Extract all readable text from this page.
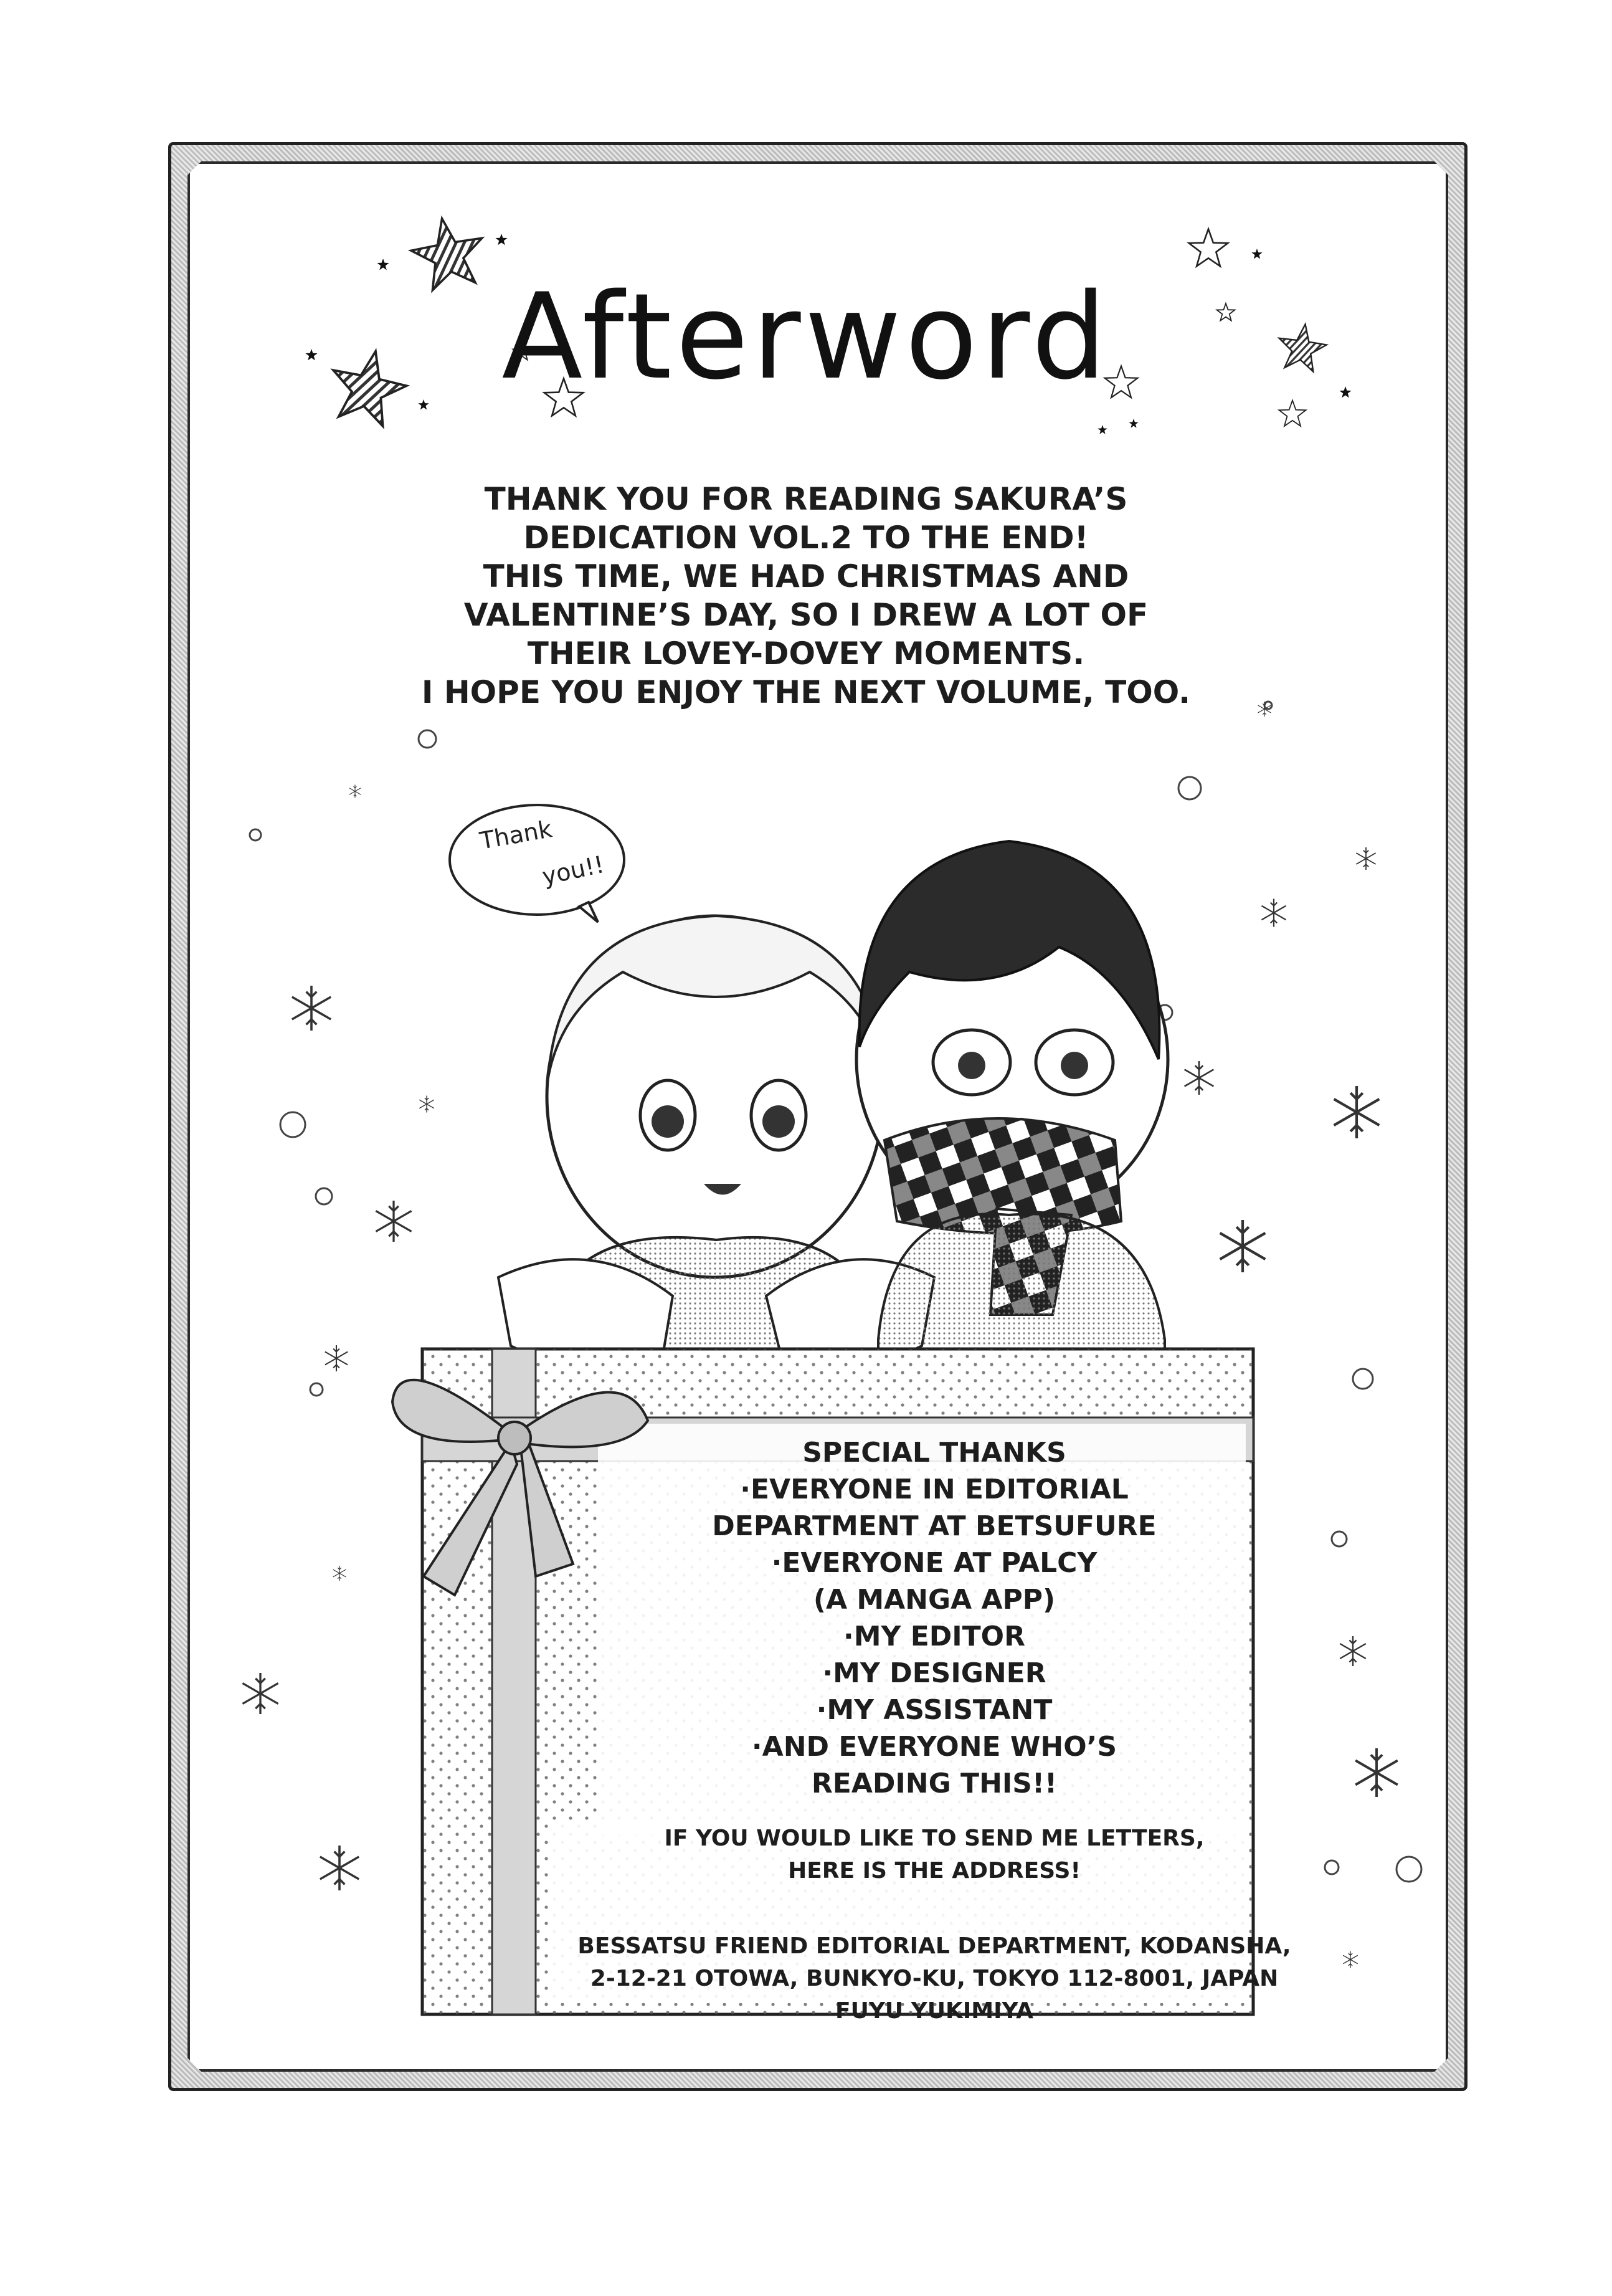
Afterword
THANK YOU FOR READING SAKURA’S
DEDICATION VOL.2 TO THE END!
THIS TIME, WE HAD CHRISTMAS AND
VALENTINE’S DAY, SO I DREW A LOT OF
THEIR LOVEY-DOVEY MOMENTS.
I HOPE YOU ENJOY THE NEXT VOLUME, TOO.
Thank
you!!
SPECIAL THANKS
·EVERYONE IN EDITORIAL
DEPARTMENT AT BETSUFURE
·EVERYONE AT PALCY
(A MANGA APP)
·MY EDITOR
·MY DESIGNER
·MY ASSISTANT
·AND EVERYONE WHO’S
READING THIS!!
IF YOU WOULD LIKE TO SEND ME LETTERS,
HERE IS THE ADDRESS!
BESSATSU FRIEND EDITORIAL DEPARTMENT, KODANSHA,
2-12-21 OTOWA, BUNKYO-KU, TOKYO 112-8001, JAPAN
FUYU YUKIMIYA
